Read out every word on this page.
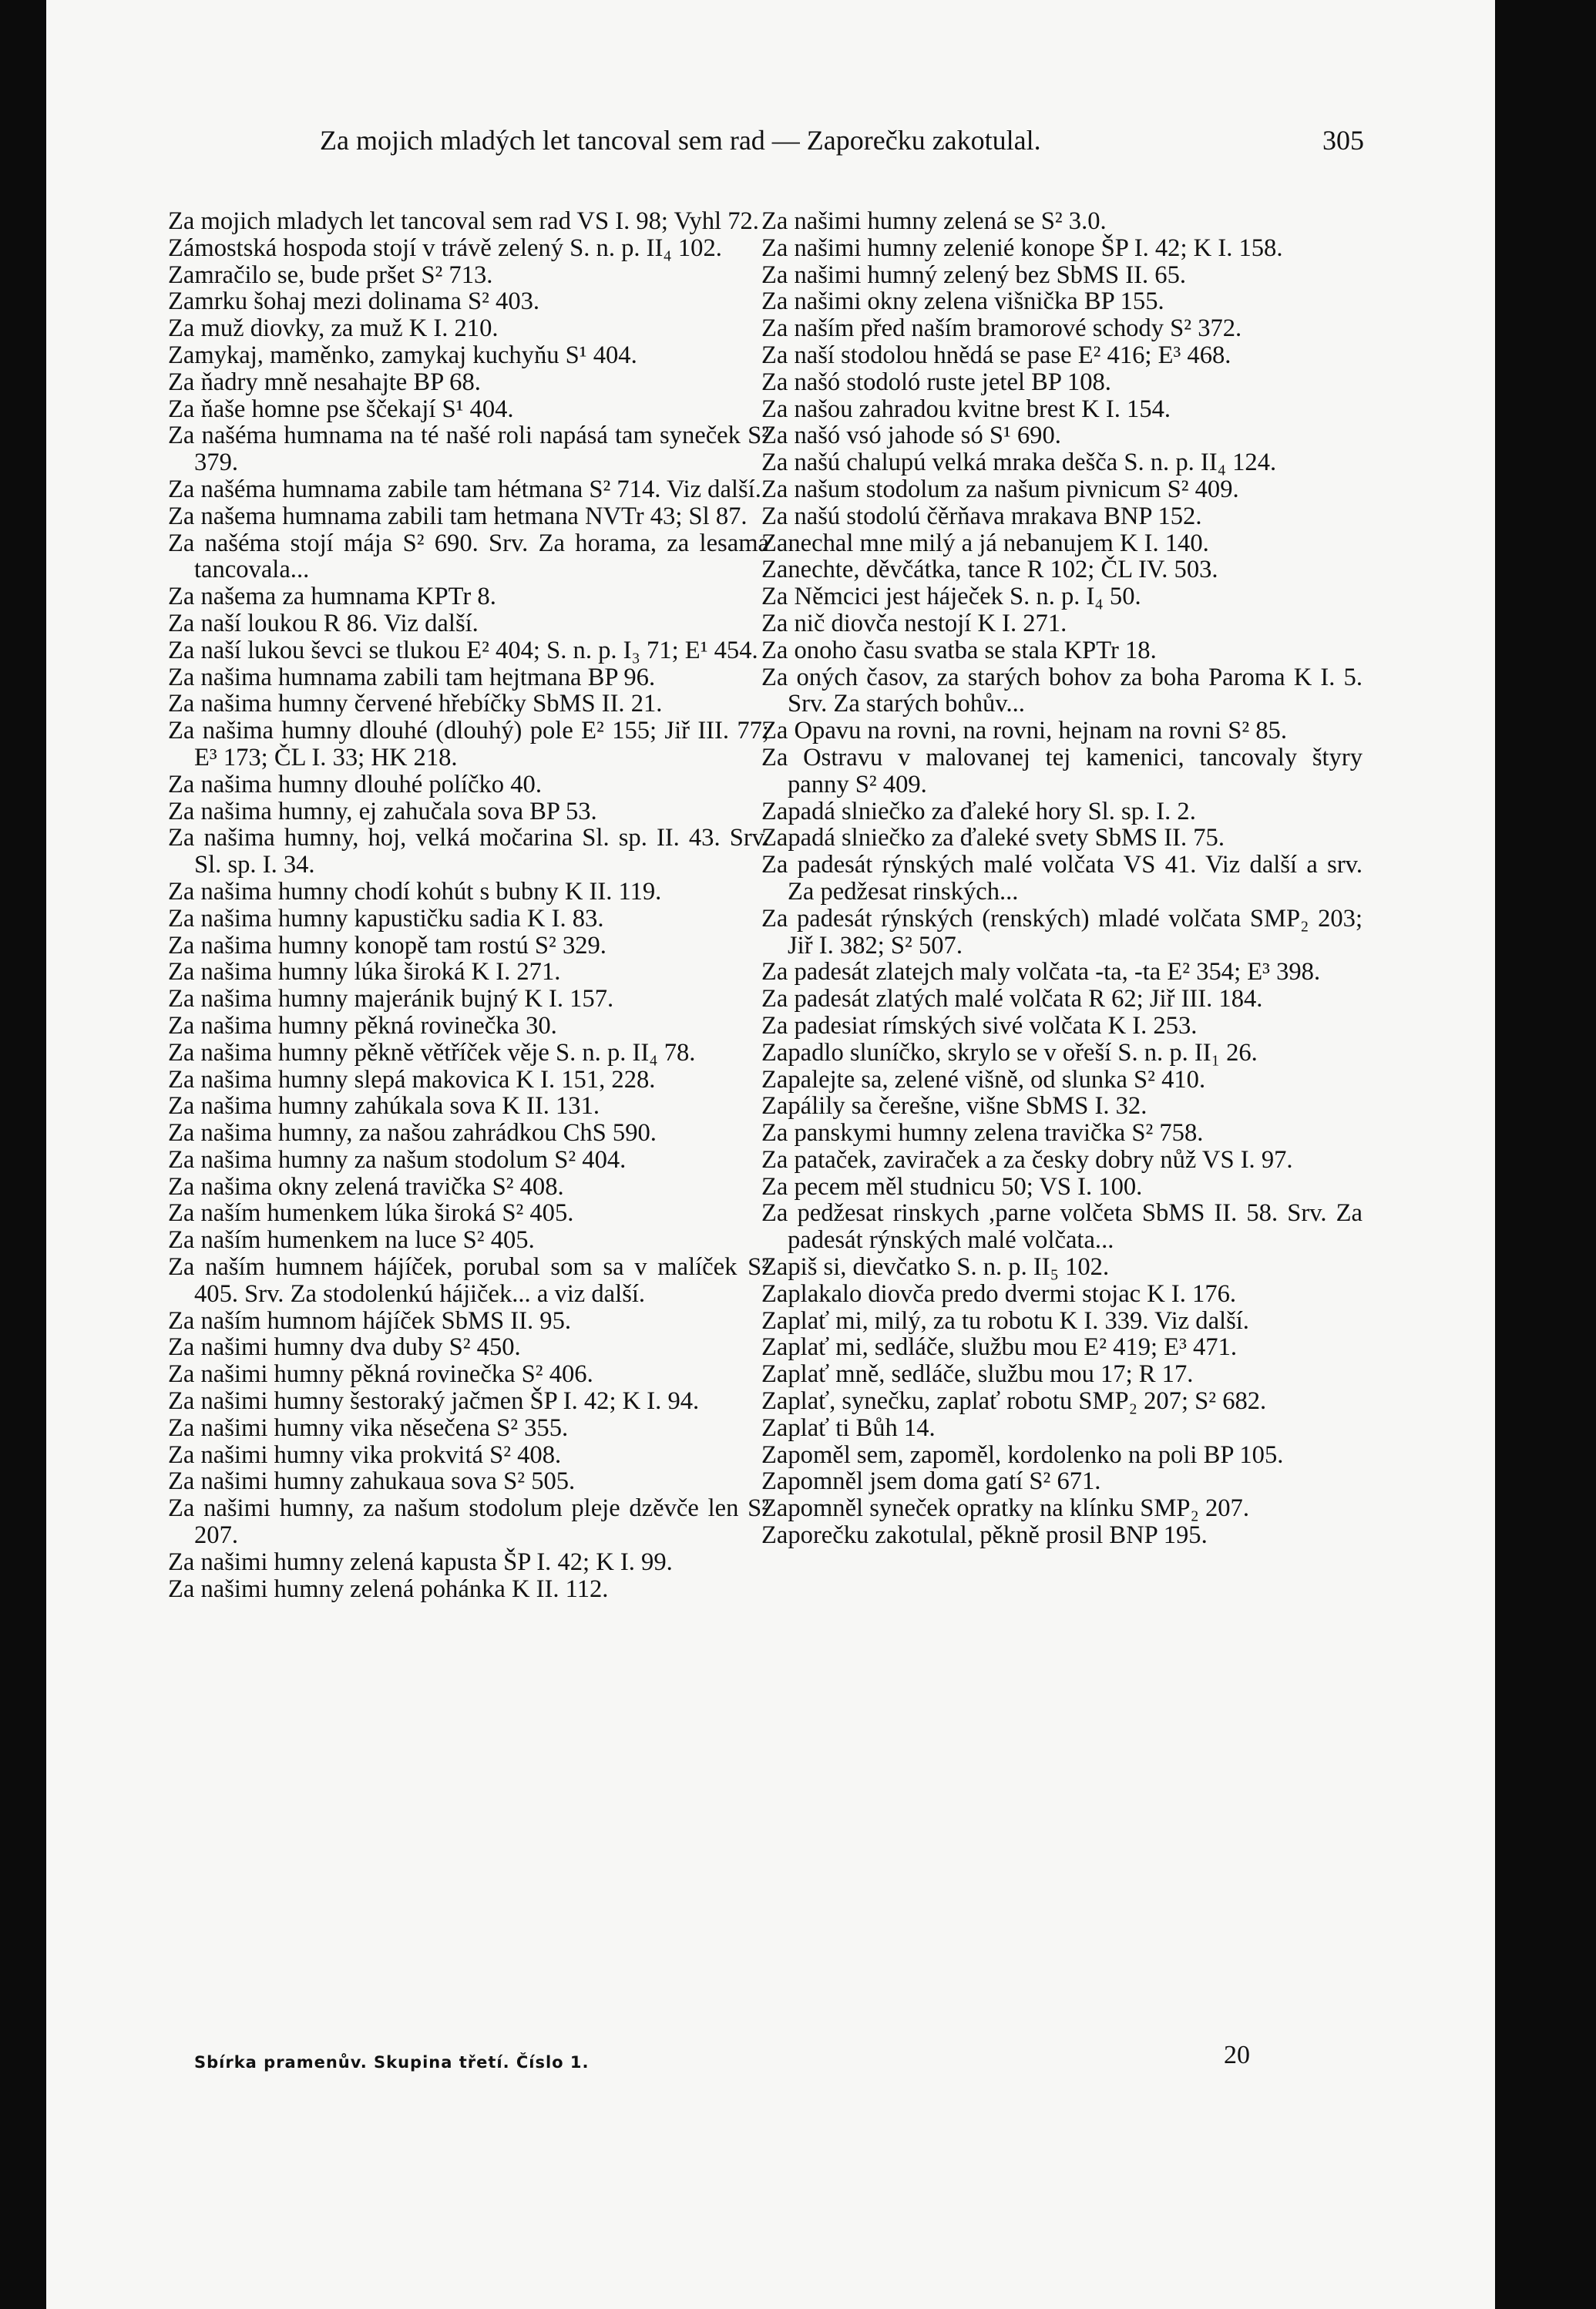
Za mojich mladých let tancoval sem rad — Zaporečku zakotulal.	305

Za mojich mladych let tancoval sem rad VS I. 98; Vyhl 72.

Zámostská hospoda stojí v trávě zelený S. n. p. II₄ 102.

Zamračilo se, bude pršet S² 713.

Zamrku šohaj mezi dolinama S² 403.

Za muž diovky, za muž K I. 210.

Zamykaj, maměnko, zamykaj kuchyňu S¹ 404.

Za ňadry mně nesahajte BP 68.

Za ňaše homne pse ščekají S¹ 404.

Za našéma humnama na té našé roli napásá tam syneček S² 379.

Za našéma humnama zabile tam hétmana S² 714. Viz další.

Za našema humnama zabili tam hetmana NVTr 43; Sl 87.

Za našéma stojí mája S² 690. Srv. Za horama, za lesama tancovala...

Za našema za humnama KPTr 8.

Za naší loukou R 86. Viz další.

Za naší lukou ševci se tlukou E² 404; S. n. p. I₃ 71; E¹ 454.

Za našima humnama zabili tam hejtmana BP 96.

Za našima humny červené hřebíčky SbMS II. 21.

Za našima humny dlouhé (dlouhý) pole E² 155; Jiř III. 77; E³ 173; ČL I. 33; HK 218.

Za našima humny dlouhé políčko 40.

Za našima humny, ej zahučala sova BP 53.

Za našima humny, hoj, velká močarina Sl. sp. II. 43. Srv. Sl. sp. I. 34.

Za našima humny chodí kohút s bubny K II. 119.

Za našima humny kapustičku sadia K I. 83.

Za našima humny konopě tam rostú S² 329.

Za našima humny lúka široká K I. 271.

Za našima humny majeránik bujný K I. 157.

Za našima humny pěkná rovinečka 30.

Za našima humny pěkně větříček věje S. n. p. II₄ 78.

Za našima humny slepá makovica K I. 151, 228.

Za našima humny zahúkala sova K II. 131.

Za našima humny, za našou zahrádkou ChS 590.

Za našima humny za našum stodolum S² 404.

Za našima okny zelená travička S² 408.

Za naším humenkem lúka široká S² 405.

Za naším humenkem na luce S² 405.

Za naším humnem hájíček, porubal som sa v malíček S² 405. Srv. Za stodolenkú hájiček... a viz další.

Za naším humnom hájíček SbMS II. 95.

Za našimi humny dva duby S² 450.

Za našimi humny pěkná rovinečka S² 406.

Za našimi humny šestoraký jačmen ŠP I. 42; K I. 94.

Za našimi humny vika něsečena S² 355.

Za našimi humny vika prokvitá S² 408.

Za našimi humny zahukaua sova S² 505.

Za našimi humny, za našum stodolum pleje dzěvče len S² 207.

Za našimi humny zelená kapusta ŠP I. 42; K I. 99.

Za našimi humny zelená pohánka K II. 112.

Za našimi humny zelená se S² 3.0.

Za našimi humny zelenié konope ŠP I. 42; K I. 158.

Za našimi humný zelený bez SbMS II. 65.

Za našimi okny zelena višnička BP 155.

Za naším před naším bramorové schody S² 372.

Za naší stodolou hnědá se pase E² 416; E³ 468.

Za našó stodoló ruste jetel BP 108.

Za našou zahradou kvitne brest K I. 154.

Za našó vsó jahode só S¹ 690.

Za našú chalupú velká mraka dešča S. n. p. II₄ 124.

Za našum stodolum za našum pivnicum S² 409.

Za našú stodolú čěrňava mrakava BNP 152.

Zanechal mne milý a já nebanujem K I. 140.

Zanechte, děvčátka, tance R 102; ČL IV. 503.

Za Němcici jest háječek S. n. p. I₄ 50.

Za nič diovča nestojí K I. 271.

Za onoho času svatba se stala KPTr 18.

Za oných časov, za starých bohov za boha Paroma K I. 5. Srv. Za starých bohův...

Za Opavu na rovni, na rovni, hejnam na rovni S² 85.

Za Ostravu v malovanej tej kamenici, tancovaly štyry panny S² 409.

Zapadá slniečko za ďaleké hory Sl. sp. I. 2.

Zapadá slniečko za ďaleké svety SbMS II. 75.

Za padesát rýnských malé volčata VS 41. Viz další a srv. Za pedžesat rinských...

Za padesát rýnských (renských) mladé volčata SMP₂ 203; Jiř I. 382; S² 507.

Za padesát zlatejch maly volčata -ta, -ta E² 354; E³ 398.

Za padesát zlatých malé volčata R 62; Jiř III. 184.

Za padesiat rímských sivé volčata K I. 253.

Zapadlo sluníčko, skrylo se v ořeší S. n. p. II₁ 26.

Zapalejte sa, zelené višně, od slunka S² 410.

Zapálily sa čerešne, višne SbMS I. 32.

Za panskymi humny zelena travička S² 758.

Za pataček, zaviraček a za česky dobry nůž VS I. 97.

Za pecem měl studnicu 50; VS I. 100.

Za pedžesat rinskych ,parne volčeta SbMS II. 58. Srv. Za padesát rýnských malé volčata...

Zapiš si, dievčatko S. n. p. II₅ 102.

Zaplakalo diovča predo dvermi stojac K I. 176.

Zaplať mi, milý, za tu robotu K I. 339. Viz další.

Zaplať mi, sedláče, službu mou E² 419; E³ 471.

Zaplať mně, sedláče, službu mou 17; R 17.

Zaplať, synečku, zaplať robotu SMP₂ 207; S² 682.

Zaplať ti Bůh 14.

Zapoměl sem, zapoměl, kordolenko na poli BP 105.

Zapomněl jsem doma gatí S² 671.

Zapomněl syneček opratky na klínku SMP₂ 207.

Zaporečku zakotulal, pěkně prosil BNP 195.

Sbírka pramenův. Skupina třetí. Číslo 1.	20
